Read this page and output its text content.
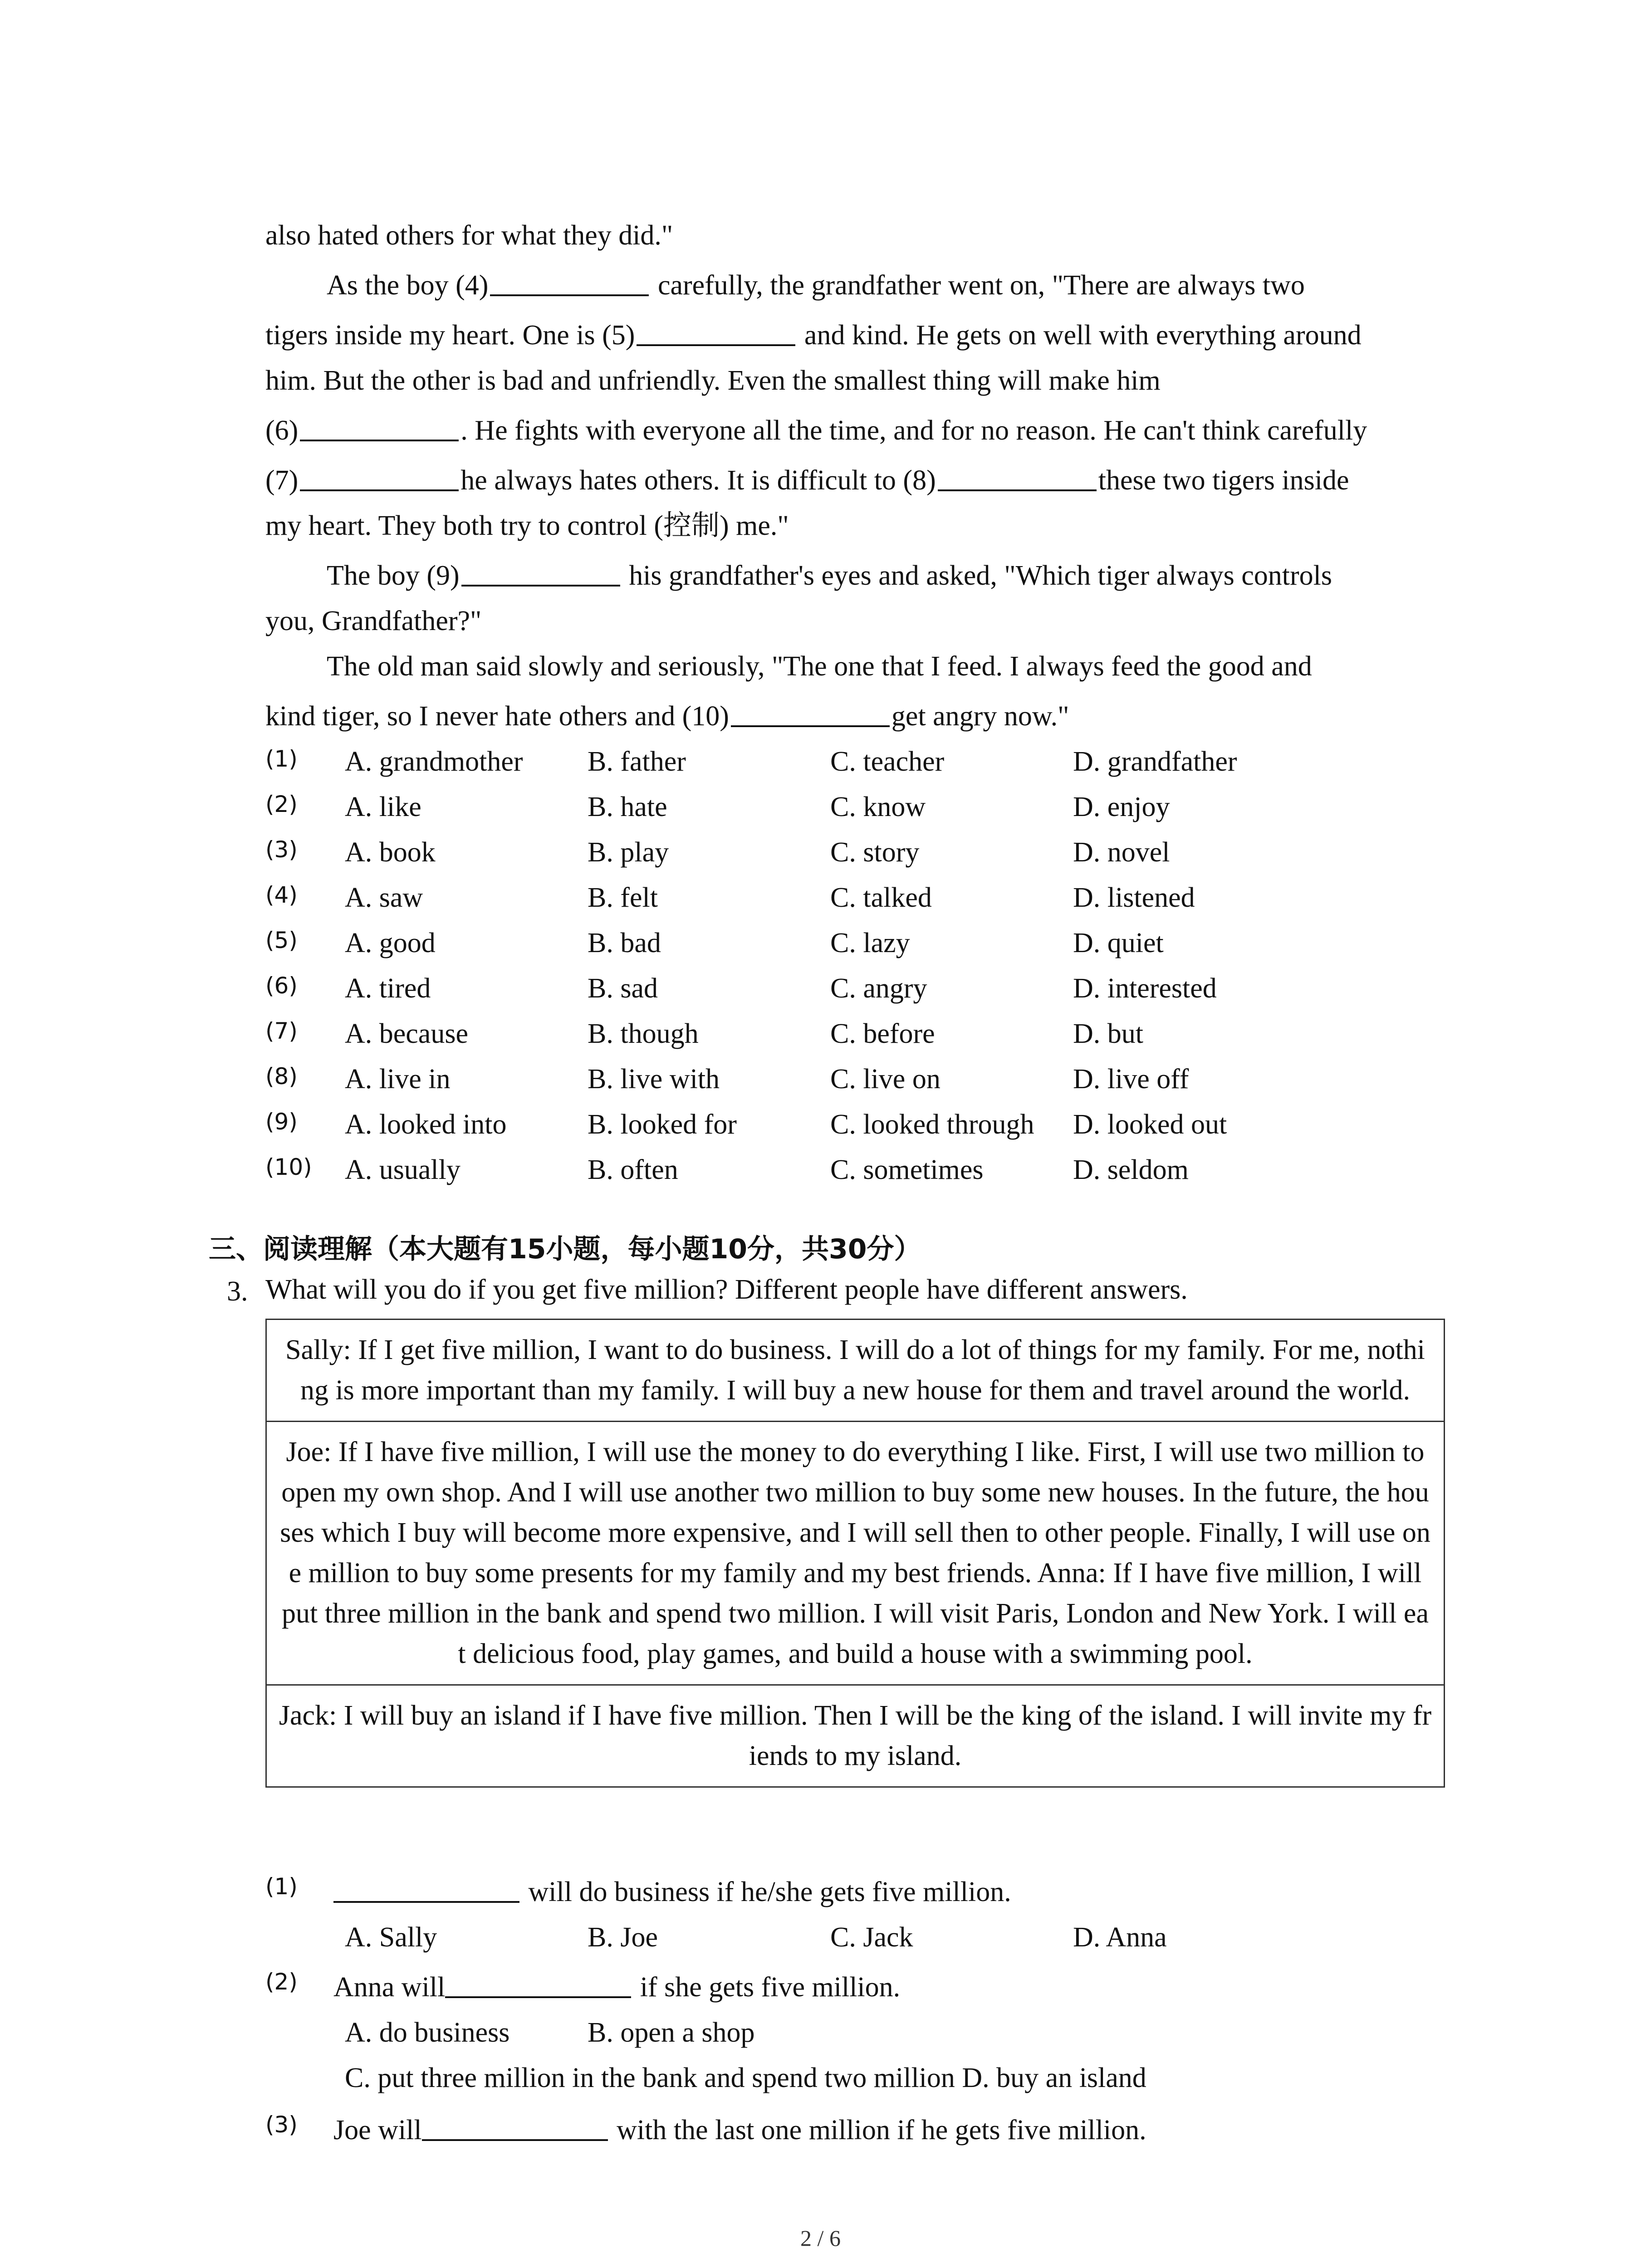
also hated others for what they did."
As the boy (4)	carefully, the grandfather went on, "There are always two
tigers inside my heart. One is (5)	and kind. He gets on well with everything around
him. But the other is bad and unfriendly. Even the smallest thing will make him
(6)	. He fights with everyone all the time, and for no reason. He can't think carefully
(7)	he always hates others. It is difficult to (8)	these two tigers inside
my heart. They both try to control (控制) me."
The boy (9)	his grandfather's eyes and asked, "Which tiger always controls
you, Grandfather?"
The old man said slowly and seriously, "The one that I feed. I always feed the good and
kind tiger, so I never hate others and (10)	get angry now."
(1) A. grandmother B. father	C. teacher	D. grandfather
(2) A. like	B. hate	C. know	D. enjoy
(3) A. book	B. play	C. story	D. novel
(4) A. saw	B. felt	C. talked	D. listened
(5) A. good	B. bad	C. lazy	D. quiet
(6) A. tired	B. sad	C. angry	D. interested
(7) A. because	B. though	C. before	D. but
(8) A. live in	B. live with	C. live on	D. live off
(9) A. looked into	B. looked for	C. looked through D. looked out
(10) A. usually	B. often	C. sometimes	D. seldom
三、阅读理解（本大题有15小题，每小题10分，共30分）
3. What will you do if you get five million? Different people have different answers.
Sally: If I get five million, I want to do business. I will do a lot of things for my family. For me, nothing is more important than my family. I will buy a new house for them and travel around the world.
Joe: If I have five million, I will use the money to do everything I like. First, I will use two million to open my own shop. And I will use another two million to buy some new houses. In the future, the houses which I buy will become more expensive, and I will sell then to other people. Finally, I will use one million to buy some presents for my family and my best friends. Anna: If I have five million, I will put three million in the bank and spend two million. I will visit Paris, London and New York. I will eat delicious food, play games, and build a house with a swimming pool.
Jack: I will buy an island if I have five million. Then I will be the king of the island. I will invite my friends to my island.
(1)	will do business if he/she gets five million.
A. Sally	B. Joe	C. Jack	D. Anna
(2) Anna will	if she gets five million.
A. do business	B. open a shop
C. put three million in the bank and spend two million D. buy an island
(3) Joe will	with the last one million if he gets five million.
2 / 6
